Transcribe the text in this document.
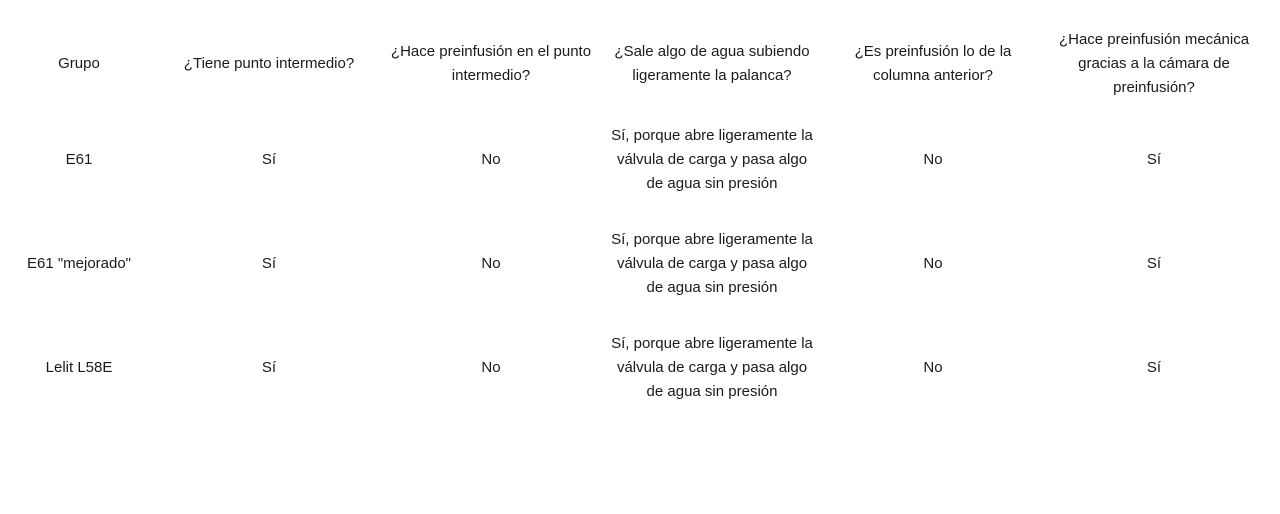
Grupo	¿Tiene punto intermedio?	¿Hace preinfusión en el punto intermedio?	¿Sale algo de agua subiendo ligeramente la palanca?	¿Es preinfusión lo de la columna anterior?	¿Hace preinfusión mecánica gracias a la cámara de preinfusión?
E61	Sí	No	Sí, porque abre ligeramente la válvula de carga y pasa algo de agua sin presión	No	Sí
E61 "mejorado"	Sí	No	Sí, porque abre ligeramente la válvula de carga y pasa algo de agua sin presión	No	Sí
Lelit L58E	Sí	No	Sí, porque abre ligeramente la válvula de carga y pasa algo de agua sin presión	No	Sí
